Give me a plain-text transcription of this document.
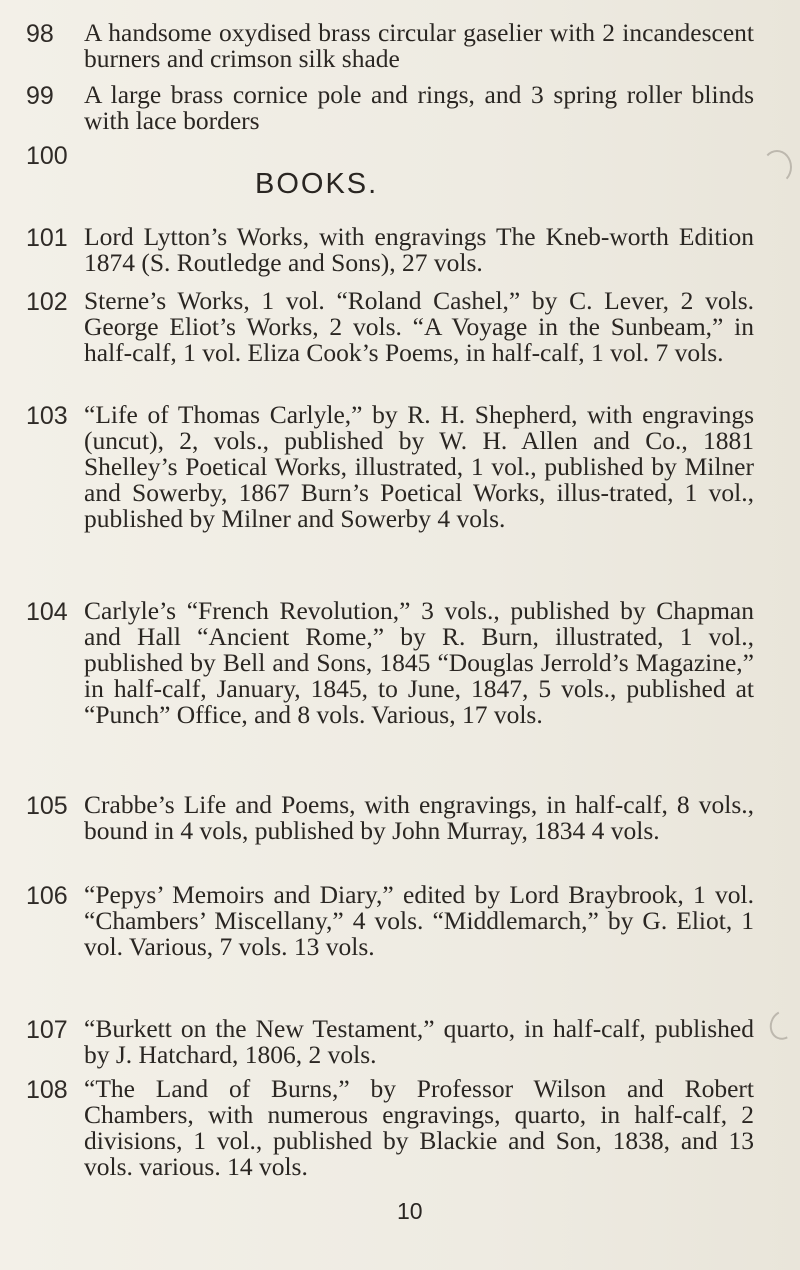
98	A handsome oxydised brass circular gaselier with 2 incandescent burners and crimson silk shade
99	A large brass cornice pole and rings, and 3 spring roller blinds with lace borders
100
BOOKS.
101 Lord Lytton’s Works, with engravings The Kneb-worth Edition 1874 (S. Routledge and Sons), 27 vols.
102 Sterne’s Works, 1 vol. “Roland Cashel,” by C. Lever, 2 vols. George Eliot’s Works, 2 vols. “A Voyage in the Sunbeam,” in half-calf, 1 vol. Eliza Cook’s Poems, in half-calf, 1 vol. 7 vols.
103 “Life of Thomas Carlyle,” by R. H. Shepherd, with engravings (uncut), 2, vols., published by W. H. Allen and Co., 1881 Shelley’s Poetical Works, illustrated, 1 vol., published by Milner and Sowerby, 1867 Burn’s Poetical Works, illus-trated, 1 vol., published by Milner and Sowerby 4 vols.
104 Carlyle’s “French Revolution,” 3 vols., published by Chapman and Hall “Ancient Rome,” by R. Burn, illustrated, 1 vol., published by Bell and Sons, 1845 “Douglas Jerrold’s Magazine,” in half-calf, January, 1845, to June, 1847, 5 vols., published at “Punch” Office, and 8 vols. Various, 17 vols.
105 Crabbe’s Life and Poems, with engravings, in half-calf, 8 vols., bound in 4 vols, published by John Murray, 1834 4 vols.
106 “Pepys’ Memoirs and Diary,” edited by Lord Braybrook, 1 vol. “Chambers’ Miscellany,” 4 vols. “Middlemarch,” by G. Eliot, 1 vol. Various, 7 vols. 13 vols.
107 “Burkett on the New Testament,” quarto, in half-calf, published by J. Hatchard, 1806, 2 vols.
108 “The Land of Burns,” by Professor Wilson and Robert Chambers, with numerous engravings, quarto, in half-calf, 2 divisions, 1 vol., published by Blackie and Son, 1838, and 13 vols. various. 14 vols.
10
